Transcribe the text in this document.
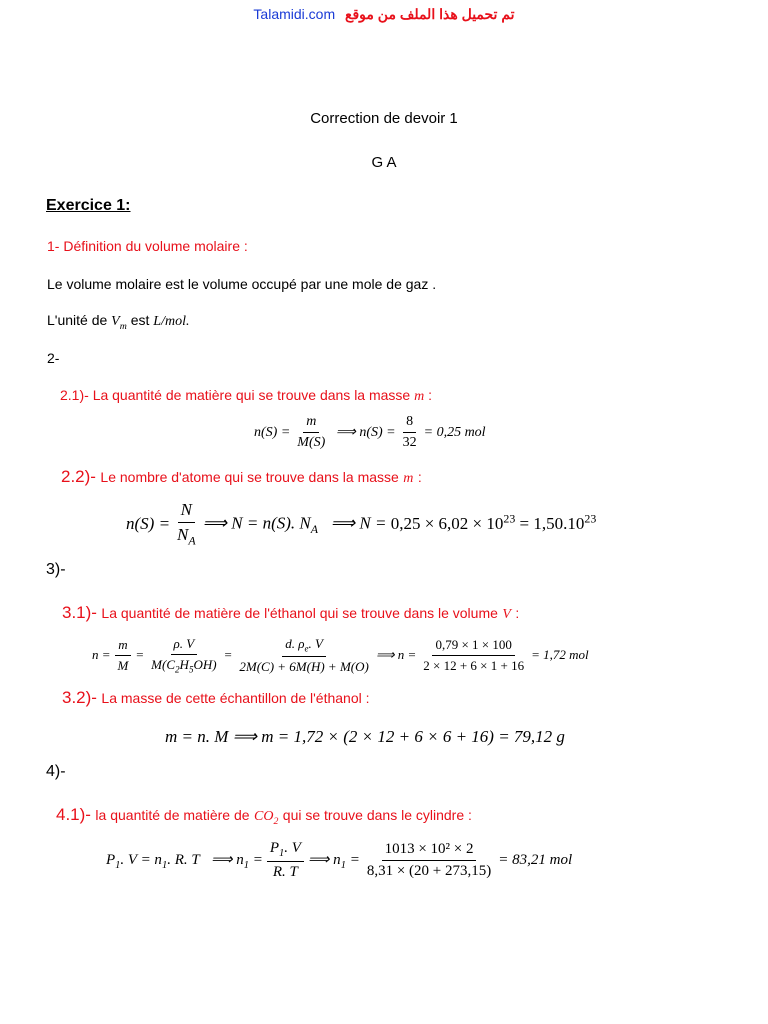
Talamidi.com تم تحميل هذا الملف من موقع
Correction de devoir 1
G A
Exercice 1:
1- Définition du volume molaire :
Le volume molaire est le volume occupé par une mole de gaz .
L'unité de $V_m$ est L/mol.
2-
2.1)- La quantité de matière qui se trouve dans la masse m :
$n(S) = \frac{m}{M(S)}$ ⟹ $n(S) = \frac{8}{32} = 0,25$ mol
2.2)- Le nombre d'atome qui se trouve dans la masse m :
$n(S) = \frac{N}{N_A}$ ⟹ N = n(S). $N_A$   ⟹ $N = 0,25 \times 6,02 \times 10^{23} = 1,50.10^{23}$
3)-
3.1)- La quantité de matière de l'éthanol qui se trouve dans le volume V :
$n = \frac{m}{M} = \frac{\rho. V}{M(C_2H_5OH)} = \frac{d. \rho_e. V}{2M(C) + 6M(H) + M(O)}$ ⟹ $n = \frac{0,79 \times 1 \times 100}{2 \times 12 + 6 \times 1 + 16} = 1,72$ mol
3.2)- La masse de cette échantillon de l'éthanol :
m = n. M ⟹ m = 1,72 × (2 × 12 + 6 × 6 + 16) = 79,12 g
4)-
4.1)- la quantité de matière de $CO_2$ qui se trouve dans le cylindre :
$P_1$. $V = n_1$. R. T   ⟹ $n_1 = \frac{P_1. V}{R. T}$ ⟹ $n_1 = \frac{\text{1013 × 10² × 2}}{8,31 \times (20 + 273,15)} = 83,21$ mol
